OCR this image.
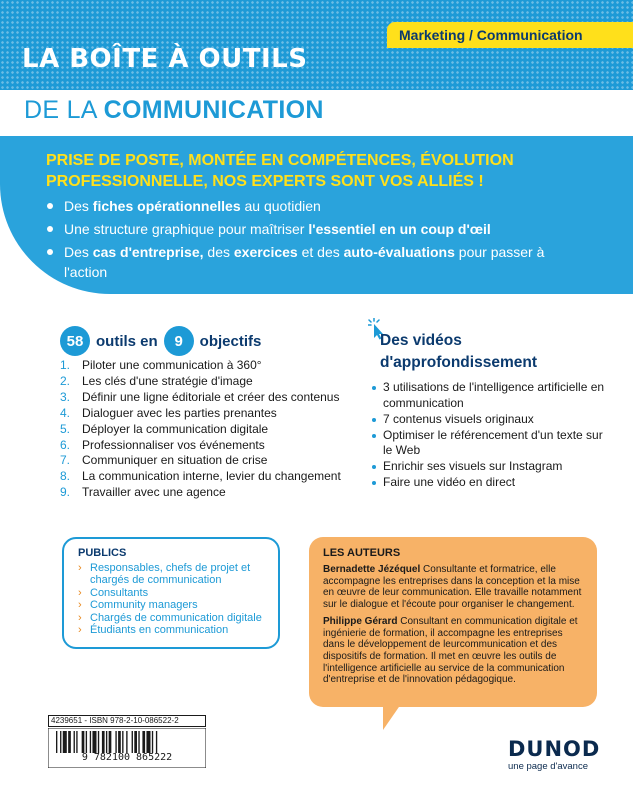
Marketing / Communication
LA BOÎTE À OUTILS
DE LA COMMUNICATION
PRISE DE POSTE, MONTÉE EN COMPÉTENCES, ÉVOLUTION PROFESSIONNELLE, NOS EXPERTS SONT VOS ALLIÉS !
Des fiches opérationnelles au quotidien
Une structure graphique pour maîtriser l'essentiel en un coup d'œil
Des cas d'entreprise, des exercices et des auto-évaluations pour passer à l'action
58 outils en	9	objectifs
1. Piloter une communication à 360°
2. Les clés d'une stratégie d'image
3. Définir une ligne éditoriale et créer des contenus
4. Dialoguer avec les parties prenantes
5. Déployer la communication digitale
6. Professionnaliser vos événements
7. Communiquer en situation de crise
8. La communication interne, levier du changement
9. Travailler avec une agence
Des vidéos
d'approfondissement
3 utilisations de l'intelligence artificielle en communication
7 contenus visuels originaux
Optimiser le référencement d'un texte sur le Web
Enrichir ses visuels sur Instagram
Faire une vidéo en direct
PUBLICS
› Responsables, chefs de projet et chargés de communication
› Consultants
› Community managers
› Chargés de communication digitale
› Étudiants en communication
LES AUTEURS

Bernadette Jézéquel Consultante et formatrice, elle accompagne les entreprises dans la conception et la mise en œuvre de leur communication. Elle travaille notamment sur le dialogue et l'écoute pour organiser le changement.

Philippe Gérard Consultant en communication digitale et ingénierie de formation, il accompagne les entreprises dans le développement de leurcommunication et des dispositifs de formation. Il met en œuvre les outils de l'intelligence artificielle au service de la communication d'entreprise et de l'innovation pédagogique.

4239651 - ISBN 978-2-10-086522-2
9 782100 865222	DUNOD
une page d'avance
